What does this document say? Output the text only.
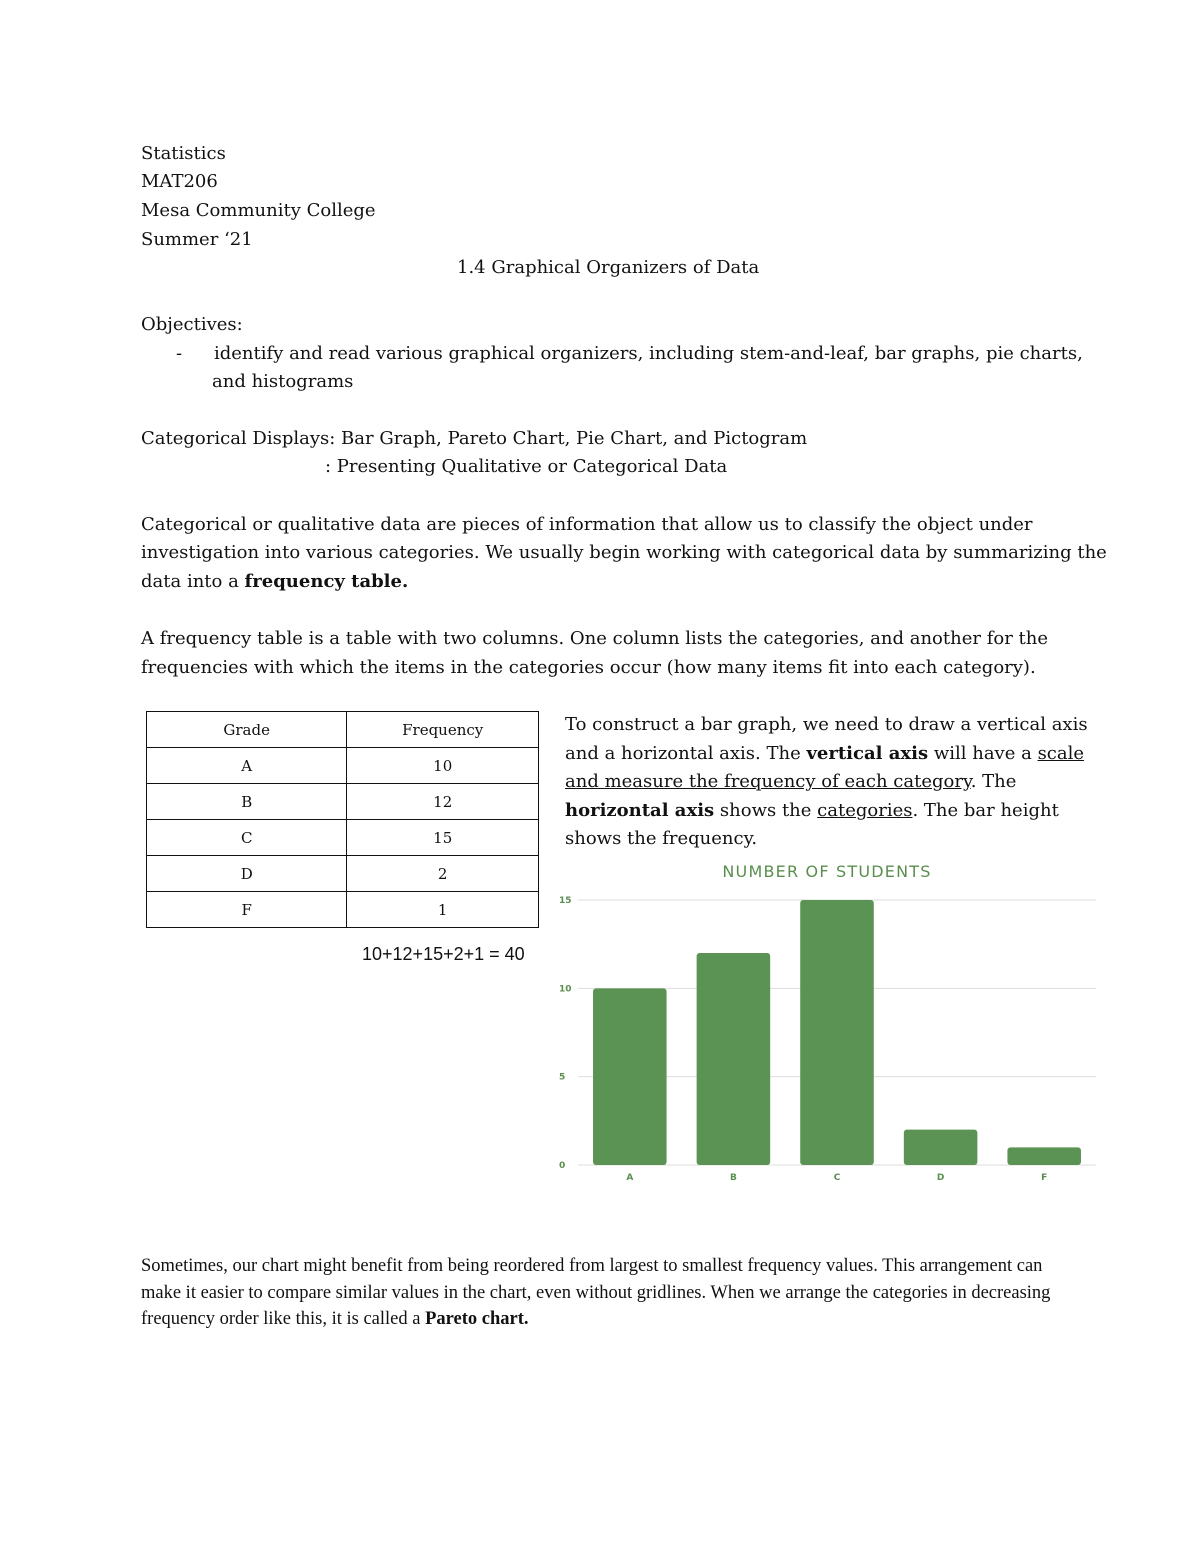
Statistics
MAT206
Mesa Community College
Summer ‘21
1.4 Graphical Organizers of Data
Objectives:
- identify and read various graphical organizers, including stem-and-leaf, bar graphs, pie charts,
and histograms
Categorical Displays: Bar Graph, Pareto Chart, Pie Chart, and Pictogram
: Presenting Qualitative or Categorical Data
Categorical or qualitative data are pieces of information that allow us to classify the object under
investigation into various categories. We usually begin working with categorical data by summarizing the
data into a frequency table.
A frequency table is a table with two columns. One column lists the categories, and another for the
frequencies with which the items in the categories occur (how many items fit into each category).
Grade	Frequency
A	10
B	12
C	15
D	2
F	1
10+12+15+2+1 = 40
To construct a bar graph, we need to draw a vertical axis
and a horizontal axis. The vertical axis will have a scale
and measure the frequency of each category. The
horizontal axis shows the categories. The bar height
shows the frequency.
NUMBER OF STUDENTS
0
5
10
15
A	B	C	D	F
Sometimes, our chart might benefit from being reordered from largest to smallest frequency values. This arrangement can make it easier to compare similar values in the chart, even without gridlines. When we arrange the categories in decreasing frequency order like this, it is called a Pareto chart.
